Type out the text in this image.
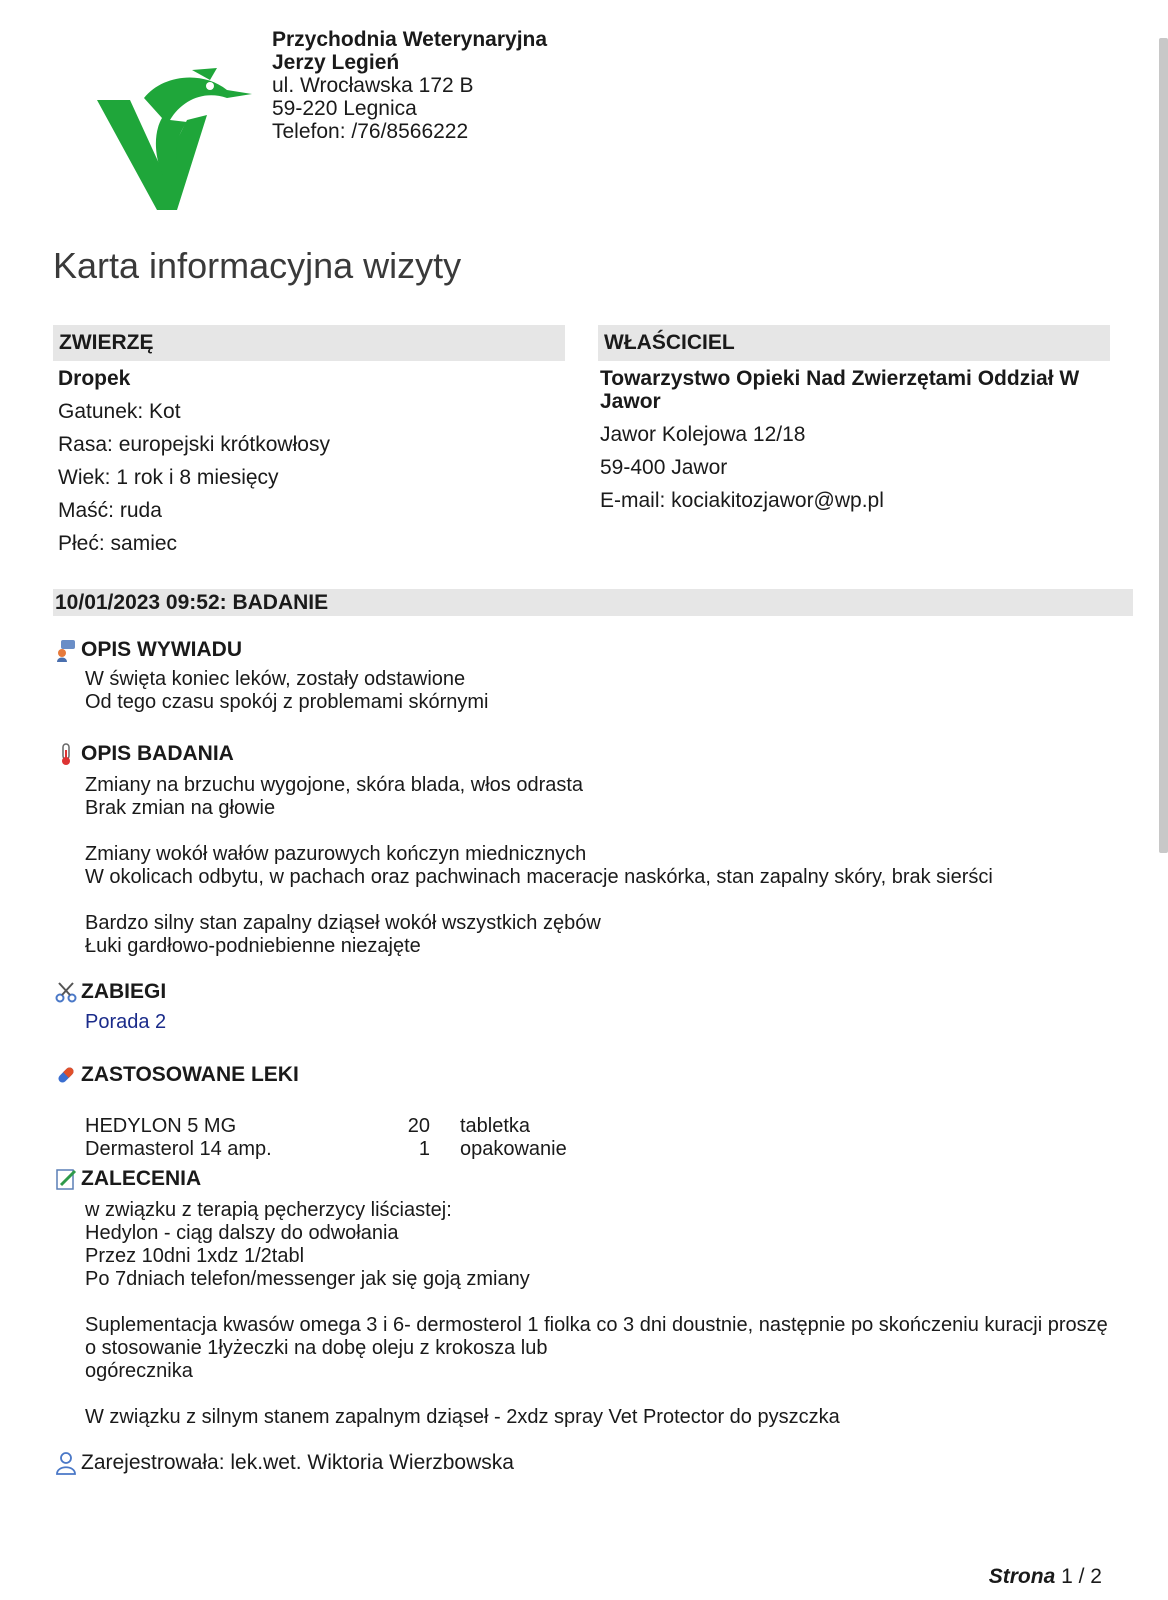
Przychodnia Weterynaryjna
Jerzy Legień
ul. Wrocławska 172 B
59-220 Legnica
Telefon: /76/8566222
Karta informacyjna wizyty
ZWIERZĘ
Dropek
Gatunek: Kot
Rasa: europejski krótkowłosy
Wiek: 1 rok i 8 miesięcy
Maść: ruda
Płeć: samiec
WŁAŚCICIEL
Towarzystwo Opieki Nad Zwierzętami Oddział W
Jawor
Jawor Kolejowa 12/18
59-400 Jawor
E-mail: kociakitozjawor@wp.pl
10/01/2023 09:52: BADANIE
OPIS WYWIADU
W święta koniec leków, zostały odstawione
Od tego czasu spokój z problemami skórnymi
OPIS BADANIA
Zmiany na brzuchu wygojone, skóra blada, włos odrasta
Brak zmian na głowie

Zmiany wokół wałów pazurowych kończyn miednicznych
W okolicach odbytu, w pachach oraz pachwinach maceracje naskórka, stan zapalny skóry, brak sierści

Bardzo silny stan zapalny dziąseł wokół wszystkich zębów
Łuki gardłowo-podniebienne niezajęte
ZABIEGI
Porada 2
ZASTOSOWANE LEKI
HEDYLON 5 MG	20	tabletka
Dermasterol 14 amp.	1	opakowanie
ZALECENIA
w związku z terapią pęcherzycy liściastej:
Hedylon - ciąg dalszy do odwołania
Przez 10dni 1xdz 1/2tabl
Po 7dniach telefon/messenger jak się goją zmiany

Suplementacja kwasów omega 3 i 6- dermosterol 1 fiolka co 3 dni doustnie, następnie po skończeniu kuracji proszę
o stosowanie 1łyżeczki na dobę oleju z krokosza lub
ogórecznika

W związku z silnym stanem zapalnym dziąseł - 2xdz spray Vet Protector do pyszczka
Zarejestrowała: lek.wet. Wiktoria Wierzbowska
Strona 1 / 2
